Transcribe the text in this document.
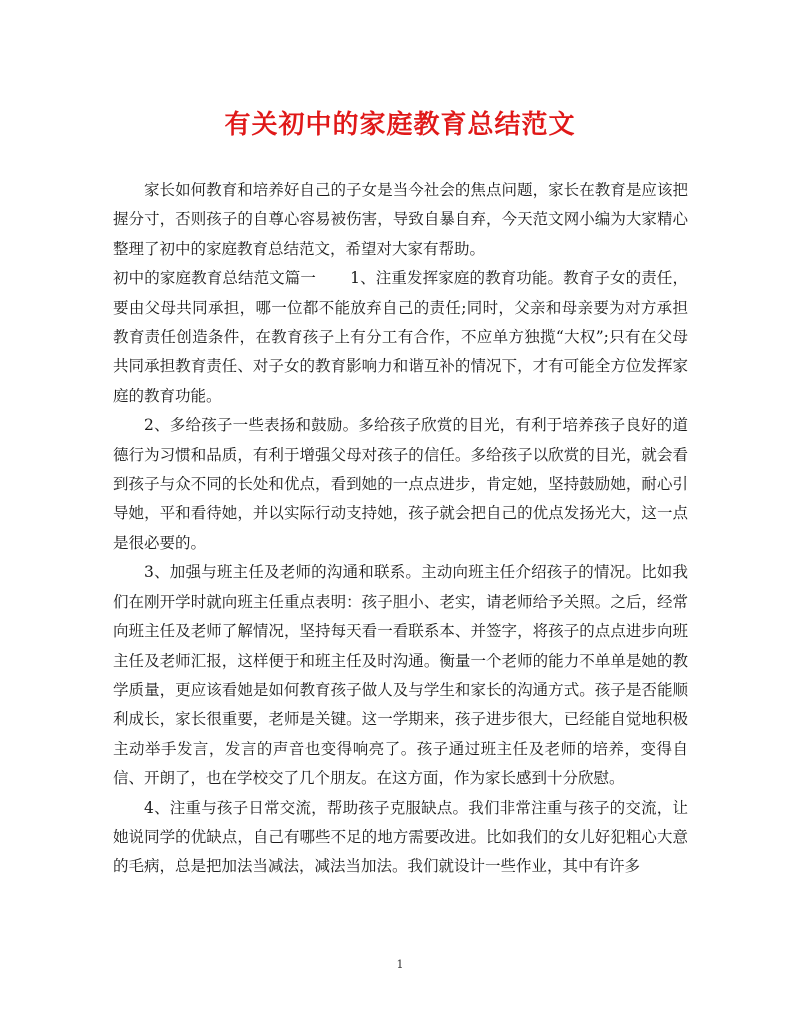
有关初中的家庭教育总结范文

家长如何教育和培养好自己的子女是当今社会的焦点问题，家长在教育是应该把握分寸，否则孩子的自尊心容易被伤害，导致自暴自弃，今天范文网小编为大家精心整理了初中的家庭教育总结范文，希望对大家有帮助。

初中的家庭教育总结范文篇一 1、注重发挥家庭的教育功能。教育子女的责任，要由父母共同承担，哪一位都不能放弃自己的责任;同时，父亲和母亲要为对方承担教育责任创造条件，在教育孩子上有分工有合作，不应单方独揽“大权”;只有在父母共同承担教育责任、对子女的教育影响力和谐互补的情况下，才有可能全方位发挥家庭的教育功能。

2、多给孩子一些表扬和鼓励。多给孩子欣赏的目光，有利于培养孩子良好的道德行为习惯和品质，有利于增强父母对孩子的信任。多给孩子以欣赏的目光，就会看到孩子与众不同的长处和优点，看到她的一点点进步，肯定她，坚持鼓励她，耐心引导她，平和看待她，并以实际行动支持她，孩子就会把自己的优点发扬光大，这一点是很必要的。

3、加强与班主任及老师的沟通和联系。主动向班主任介绍孩子的情况。比如我们在刚开学时就向班主任重点表明：孩子胆小、老实，请老师给予关照。之后，经常向班主任及老师了解情况，坚持每天看一看联系本、并签字，将孩子的点点进步向班主任及老师汇报，这样便于和班主任及时沟通。衡量一个老师的能力不单单是她的教学质量，更应该看她是如何教育孩子做人及与学生和家长的沟通方式。孩子是否能顺利成长，家长很重要，老师是关键。这一学期来，孩子进步很大，已经能自觉地积极主动举手发言，发言的声音也变得响亮了。孩子通过班主任及老师的培养，变得自信、开朗了，也在学校交了几个朋友。在这方面，作为家长感到十分欣慰。

4、注重与孩子日常交流，帮助孩子克服缺点。我们非常注重与孩子的交流，让她说同学的优缺点，自己有哪些不足的地方需要改进。比如我们的女儿好犯粗心大意的毛病，总是把加法当减法，减法当加法。我们就设计一些作业，其中有许多

1
